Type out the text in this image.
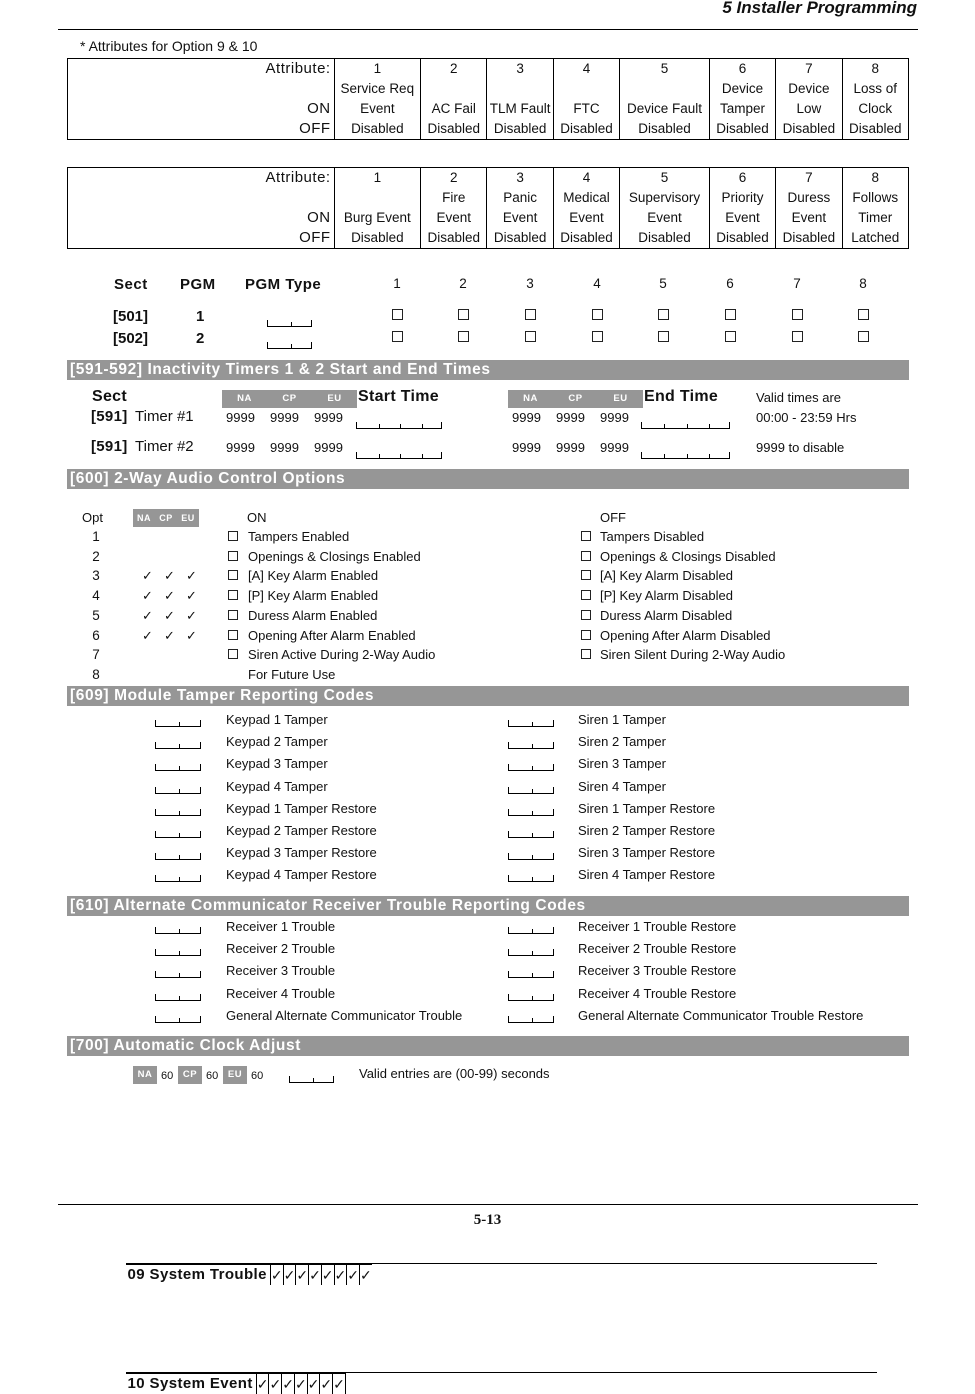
5 Installer Programming
* Attributes for Option 9 & 10
Attribute:	1	2	3	4	5	6	7	8
	Service Req					Device	Device	Loss of
ON	Event	AC Fail	TLM Fault	FTC	Device Fault	Tamper	Low	Clock
OFF	Disabled	Disabled	Disabled	Disabled	Disabled	Disabled	Disabled	Disabled

09 System Trouble	✓	✓	✓	✓	✓	✓	✓	✓
Attribute:	1	2	3	4	5	6	7	8
		Fire	Panic	Medical	Supervisory	Priority	Duress	Follows
ON	Burg Event	Event	Event	Event	Event	Event	Event	Timer
OFF	Disabled	Disabled	Disabled	Disabled	Disabled	Disabled	Disabled	Latched

10 System Event	✓	✓	✓	✓	✓	✓	✓	
Sect PGM PGM Type	1	2	3	4	5	6	7	8
[501]	1
[502]	2
[591-592] Inactivity Timers 1 & 2 Start and End Times
Sect	NA	CP	EU	NA	CP	EU
Start Time	End Time	Valid times are
[591] Timer #1 9999 9999 9999	9999 9999 9999	00:00 - 23:59 Hrs
[591] Timer #2 9999 9999 9999	9999 9999 9999	9999 to disable
[600] 2-Way Audio Control Options
Opt	NA CP EU	ON	OFF
1	Tampers Enabled	Tampers Disabled
2	Openings & Closings Enabled	Openings & Closings Disabled
3	✓ ✓ ✓	[A] Key Alarm Enabled	[A] Key Alarm Disabled
4	✓ ✓ ✓	[P] Key Alarm Enabled	[P] Key Alarm Disabled
5	✓ ✓ ✓	Duress Alarm Enabled	Duress Alarm Disabled
6	✓ ✓ ✓	Opening After Alarm Enabled	Opening After Alarm Disabled
7	Siren Active During 2-Way Audio	Siren Silent During 2-Way Audio
8	For Future Use
[609] Module Tamper Reporting Codes
Keypad 1 Tamper	Siren 1 Tamper
Keypad 2 Tamper	Siren 2 Tamper
Keypad 3 Tamper	Siren 3 Tamper
Keypad 4 Tamper	Siren 4 Tamper
Keypad 1 Tamper Restore	Siren 1 Tamper Restore
Keypad 2 Tamper Restore	Siren 2 Tamper Restore
Keypad 3 Tamper Restore	Siren 3 Tamper Restore
Keypad 4 Tamper Restore	Siren 4 Tamper Restore
[610] Alternate Communicator Receiver Trouble Reporting Codes
Receiver 1 Trouble	Receiver 1 Trouble Restore
Receiver 2 Trouble	Receiver 2 Trouble Restore
Receiver 3 Trouble	Receiver 3 Trouble Restore
Receiver 4 Trouble	Receiver 4 Trouble Restore
General Alternate Communicator Trouble	General Alternate Communicator Trouble Restore
[700] Automatic Clock Adjust
NA 60	CP 60	EU 60	Valid entries are (00-99) seconds
5-13
